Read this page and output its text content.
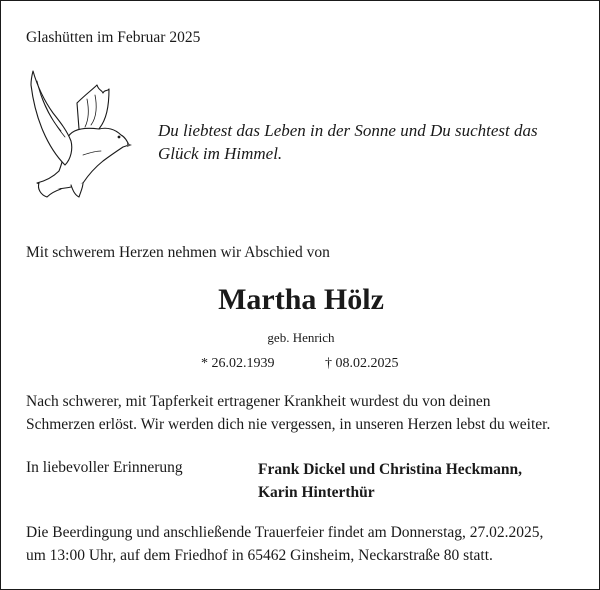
Glashütten im Februar 2025

Du liebtest das Leben in der Sonne und Du suchtest das
Glück im Himmel.

Mit schwerem Herzen nehmen wir Abschied von

Martha Hölz

geb. Henrich

* 26.02.1939	† 08.02.2025

Nach schwerer, mit Tapferkeit ertragener Krankheit wurdest du von deinen
Schmerzen erlöst. Wir werden dich nie vergessen, in unseren Herzen lebst du weiter.

In liebevoller Erinnerung	Frank Dickel und Christina Heckmann,
Karin Hinterthür

Die Beerdingung und anschließende Trauerfeier findet am Donnerstag, 27.02.2025,
um 13:00 Uhr, auf dem Friedhof in 65462 Ginsheim, Neckarstraße 80 statt.
